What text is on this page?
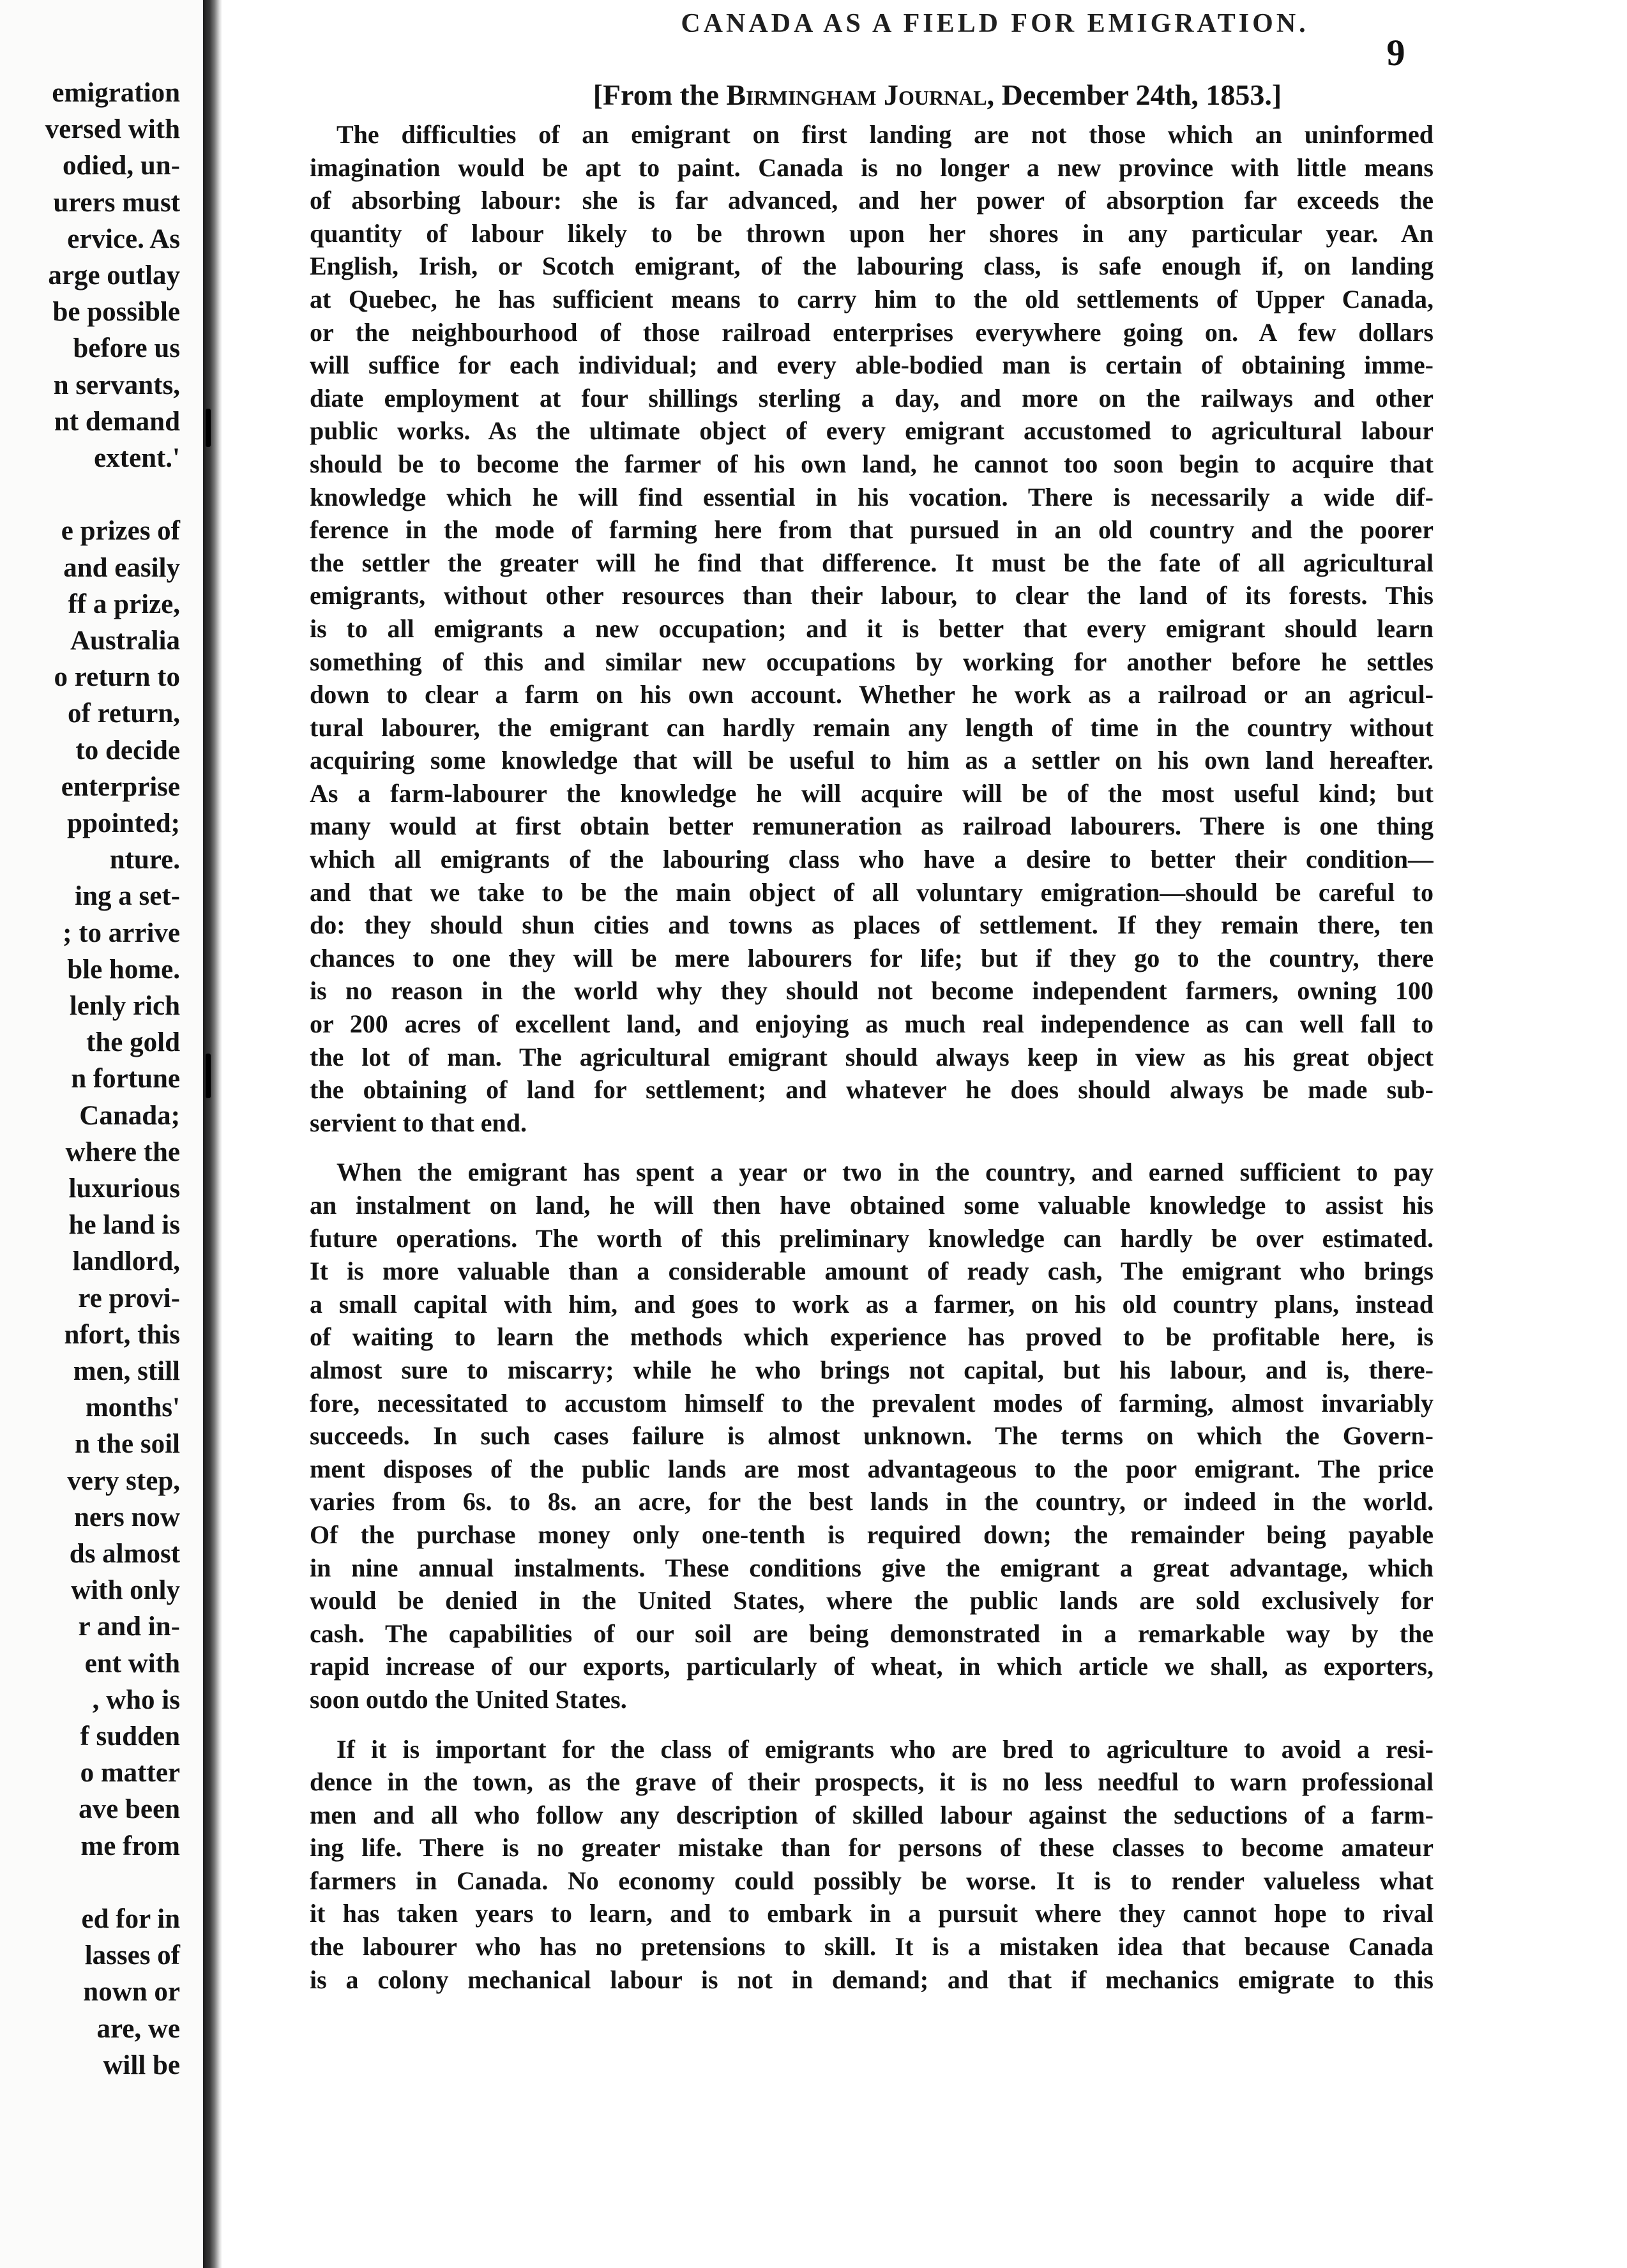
emigration
versed with
odied, un-
urers must
ervice. As
arge outlay
be possible
before us
n servants,
nt demand
extent.'
e prizes of
and easily
ff a prize,
Australia
o return to
of return,
to decide
enterprise
ppointed;
nture.
ing a set-
; to arrive
ble home.
lenly rich
the gold
n fortune
Canada;
where the
luxurious
he land is
landlord,
re provi-
nfort, this
men, still
months'
n the soil
very step,
ners now
ds almost
with only
r and in-
ent with
, who is
f sudden
o matter
ave been
me from
ed for in
lasses of
nown or
are, we
will be
CANADA AS A FIELD FOR EMIGRATION.
9
[From the Birmingham Journal, December 24th, 1853.]
The difficulties of an emigrant on first landing are not those which an uninformed
imagination would be apt to paint. Canada is no longer a new province with little means
of absorbing labour: she is far advanced, and her power of absorption far exceeds the
quantity of labour likely to be thrown upon her shores in any particular year. An
English, Irish, or Scotch emigrant, of the labouring class, is safe enough if, on landing
at Quebec, he has sufficient means to carry him to the old settlements of Upper Canada,
or the neighbourhood of those railroad enterprises everywhere going on. A few dollars
will suffice for each individual; and every able-bodied man is certain of obtaining imme-
diate employment at four shillings sterling a day, and more on the railways and other
public works. As the ultimate object of every emigrant accustomed to agricultural labour
should be to become the farmer of his own land, he cannot too soon begin to acquire that
knowledge which he will find essential in his vocation. There is necessarily a wide dif-
ference in the mode of farming here from that pursued in an old country and the poorer
the settler the greater will he find that difference. It must be the fate of all agricultural
emigrants, without other resources than their labour, to clear the land of its forests. This
is to all emigrants a new occupation; and it is better that every emigrant should learn
something of this and similar new occupations by working for another before he settles
down to clear a farm on his own account. Whether he work as a railroad or an agricul-
tural labourer, the emigrant can hardly remain any length of time in the country without
acquiring some knowledge that will be useful to him as a settler on his own land hereafter.
As a farm-labourer the knowledge he will acquire will be of the most useful kind; but
many would at first obtain better remuneration as railroad labourers. There is one thing
which all emigrants of the labouring class who have a desire to better their condition—
and that we take to be the main object of all voluntary emigration—should be careful to
do: they should shun cities and towns as places of settlement. If they remain there, ten
chances to one they will be mere labourers for life; but if they go to the country, there
is no reason in the world why they should not become independent farmers, owning 100
or 200 acres of excellent land, and enjoying as much real independence as can well fall to
the lot of man. The agricultural emigrant should always keep in view as his great object
the obtaining of land for settlement; and whatever he does should always be made sub-
servient to that end.
When the emigrant has spent a year or two in the country, and earned sufficient to pay
an instalment on land, he will then have obtained some valuable knowledge to assist his
future operations. The worth of this preliminary knowledge can hardly be over estimated.
It is more valuable than a considerable amount of ready cash, The emigrant who brings
a small capital with him, and goes to work as a farmer, on his old country plans, instead
of waiting to learn the methods which experience has proved to be profitable here, is
almost sure to miscarry; while he who brings not capital, but his labour, and is, there-
fore, necessitated to accustom himself to the prevalent modes of farming, almost invariably
succeeds. In such cases failure is almost unknown. The terms on which the Govern-
ment disposes of the public lands are most advantageous to the poor emigrant. The price
varies from 6s. to 8s. an acre, for the best lands in the country, or indeed in the world.
Of the purchase money only one-tenth is required down; the remainder being payable
in nine annual instalments. These conditions give the emigrant a great advantage, which
would be denied in the United States, where the public lands are sold exclusively for
cash. The capabilities of our soil are being demonstrated in a remarkable way by the
rapid increase of our exports, particularly of wheat, in which article we shall, as exporters,
soon outdo the United States.
If it is important for the class of emigrants who are bred to agriculture to avoid a resi-
dence in the town, as the grave of their prospects, it is no less needful to warn professional
men and all who follow any description of skilled labour against the seductions of a farm-
ing life. There is no greater mistake than for persons of these classes to become amateur
farmers in Canada. No economy could possibly be worse. It is to render valueless what
it has taken years to learn, and to embark in a pursuit where they cannot hope to rival
the labourer who has no pretensions to skill. It is a mistaken idea that because Canada
is a colony mechanical labour is not in demand; and that if mechanics emigrate to this
